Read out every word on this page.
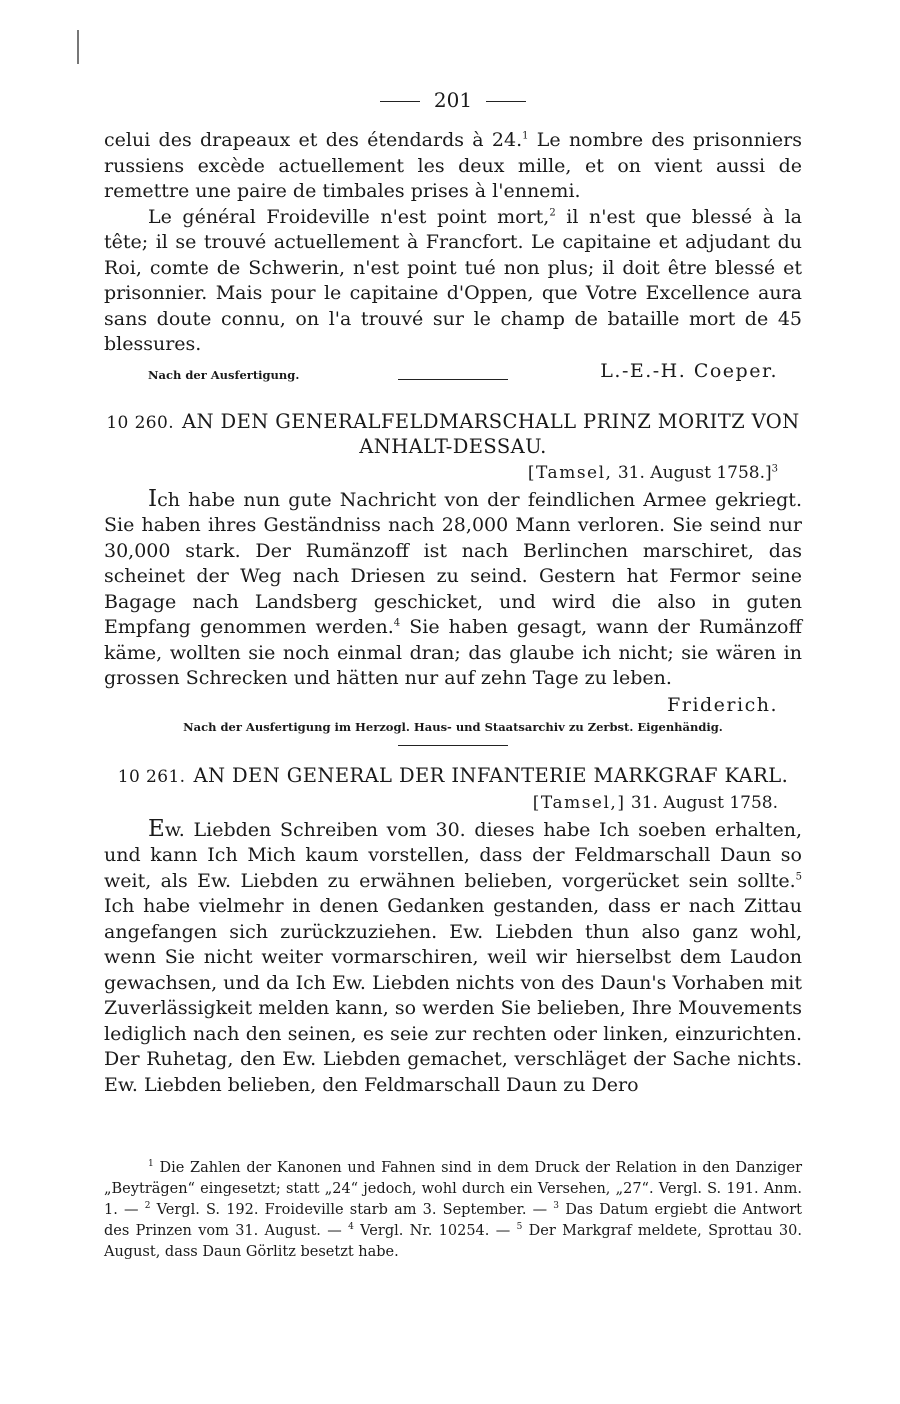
201

celui des drapeaux et des étendards à 24.$^1$ Le nombre des prisonniers russiens excède actuellement les deux mille, et on vient aussi de remettre une paire de timbales prises à l'ennemi.

Le général Froideville n'est point mort,$^2$ il n'est que blessé à la tête; il se trouvé actuellement à Francfort. Le capitaine et adjudant du Roi, comte de Schwerin, n'est point tué non plus; il doit être blessé et prisonnier. Mais pour le capitaine d'Oppen, que Votre Excellence aura sans doute connu, on l'a trouvé sur le champ de bataille mort de 45 blessures.

Nach der Ausfertigung.	L.-E.-H. Coeper.
10 260. AN DEN GENERALFELDMARSCHALL PRINZ MORITZ VON ANHALT-DESSAU.
[Tamsel, 31. August 1758.]$^3$

Ich habe nun gute Nachricht von der feindlichen Armee gekriegt. Sie haben ihres Geständniss nach 28,000 Mann verloren. Sie seind nur 30,000 stark. Der Rumänzoff ist nach Berlinchen marschiret, das scheinet der Weg nach Driesen zu seind. Gestern hat Fermor seine Bagage nach Landsberg geschicket, und wird die also in guten Empfang genommen werden.$^4$ Sie haben gesagt, wann der Rumänzoff käme, wollten sie noch einmal dran; das glaube ich nicht; sie wären in grossen Schrecken und hätten nur auf zehn Tage zu leben.

Friderich.
Nach der Ausfertigung im Herzogl. Haus- und Staatsarchiv zu Zerbst. Eigenhändig.
10 261. AN DEN GENERAL DER INFANTERIE MARKGRAF KARL.
[Tamsel,] 31. August 1758.

Ew. Liebden Schreiben vom 30. dieses habe Ich soeben erhalten, und kann Ich Mich kaum vorstellen, dass der Feldmarschall Daun so weit, als Ew. Liebden zu erwähnen belieben, vorgerücket sein sollte.$^5$ Ich habe vielmehr in denen Gedanken gestanden, dass er nach Zittau angefangen sich zurückzuziehen. Ew. Liebden thun also ganz wohl, wenn Sie nicht weiter vormarschiren, weil wir hierselbst dem Laudon gewachsen, und da Ich Ew. Liebden nichts von des Daun's Vorhaben mit Zuverlässigkeit melden kann, so werden Sie belieben, Ihre Mouvements lediglich nach den seinen, es seie zur rechten oder linken, einzurichten. Der Ruhetag, den Ew. Liebden gemachet, verschläget der Sache nichts. Ew. Liebden belieben, den Feldmarschall Daun zu Dero

$^1$ Die Zahlen der Kanonen und Fahnen sind in dem Druck der Relation in den Danziger „Beyträgen“ eingesetzt; statt „24“ jedoch, wohl durch ein Versehen, „27“. Vergl. S. 191. Anm. 1. — $^2$ Vergl. S. 192. Froideville starb am 3. September. — $^3$ Das Datum ergiebt die Antwort des Prinzen vom 31. August. — $^4$ Vergl. Nr. 10254. — $^5$ Der Markgraf meldete, Sprottau 30. August, dass Daun Görlitz besetzt habe.
